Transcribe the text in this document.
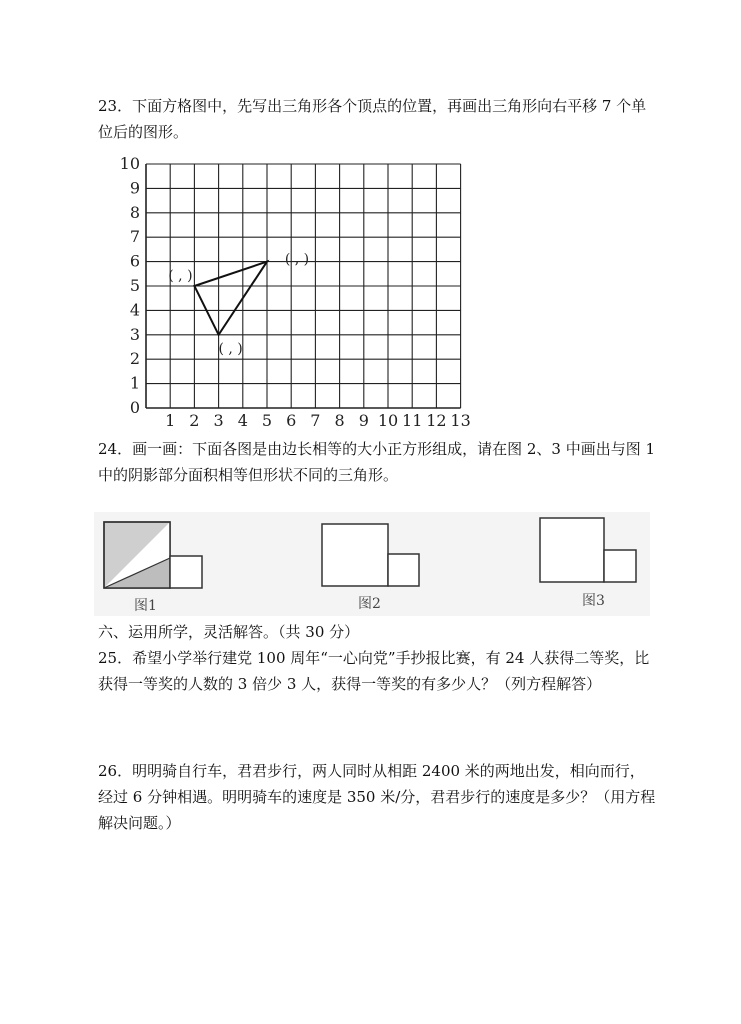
23．下面方格图中，先写出三角形各个顶点的位置，再画出三角形向右平移 7 个单位后的图形。

0
1
2
3
4
5
6
7
8
9
10
1 2 3 4 5 6 7 8 9 10 11 12 13
( , )
( , )
( , )

24．画一画：下面各图是由边长相等的大小正方形组成，请在图 2、3 中画出与图 1 中的阴影部分面积相等但形状不同的三角形。

图1	图2	图3

六、运用所学，灵活解答。（共 30 分）

25．希望小学举行建党 100 周年“一心向党”手抄报比赛，有 24 人获得二等奖，比获得一等奖的人数的 3 倍少 3 人，获得一等奖的有多少人？（列方程解答）

26．明明骑自行车，君君步行，两人同时从相距 2400 米的两地出发，相向而行，经过 6 分钟相遇。明明骑车的速度是 350 米/分，君君步行的速度是多少？（用方程解决问题。）
